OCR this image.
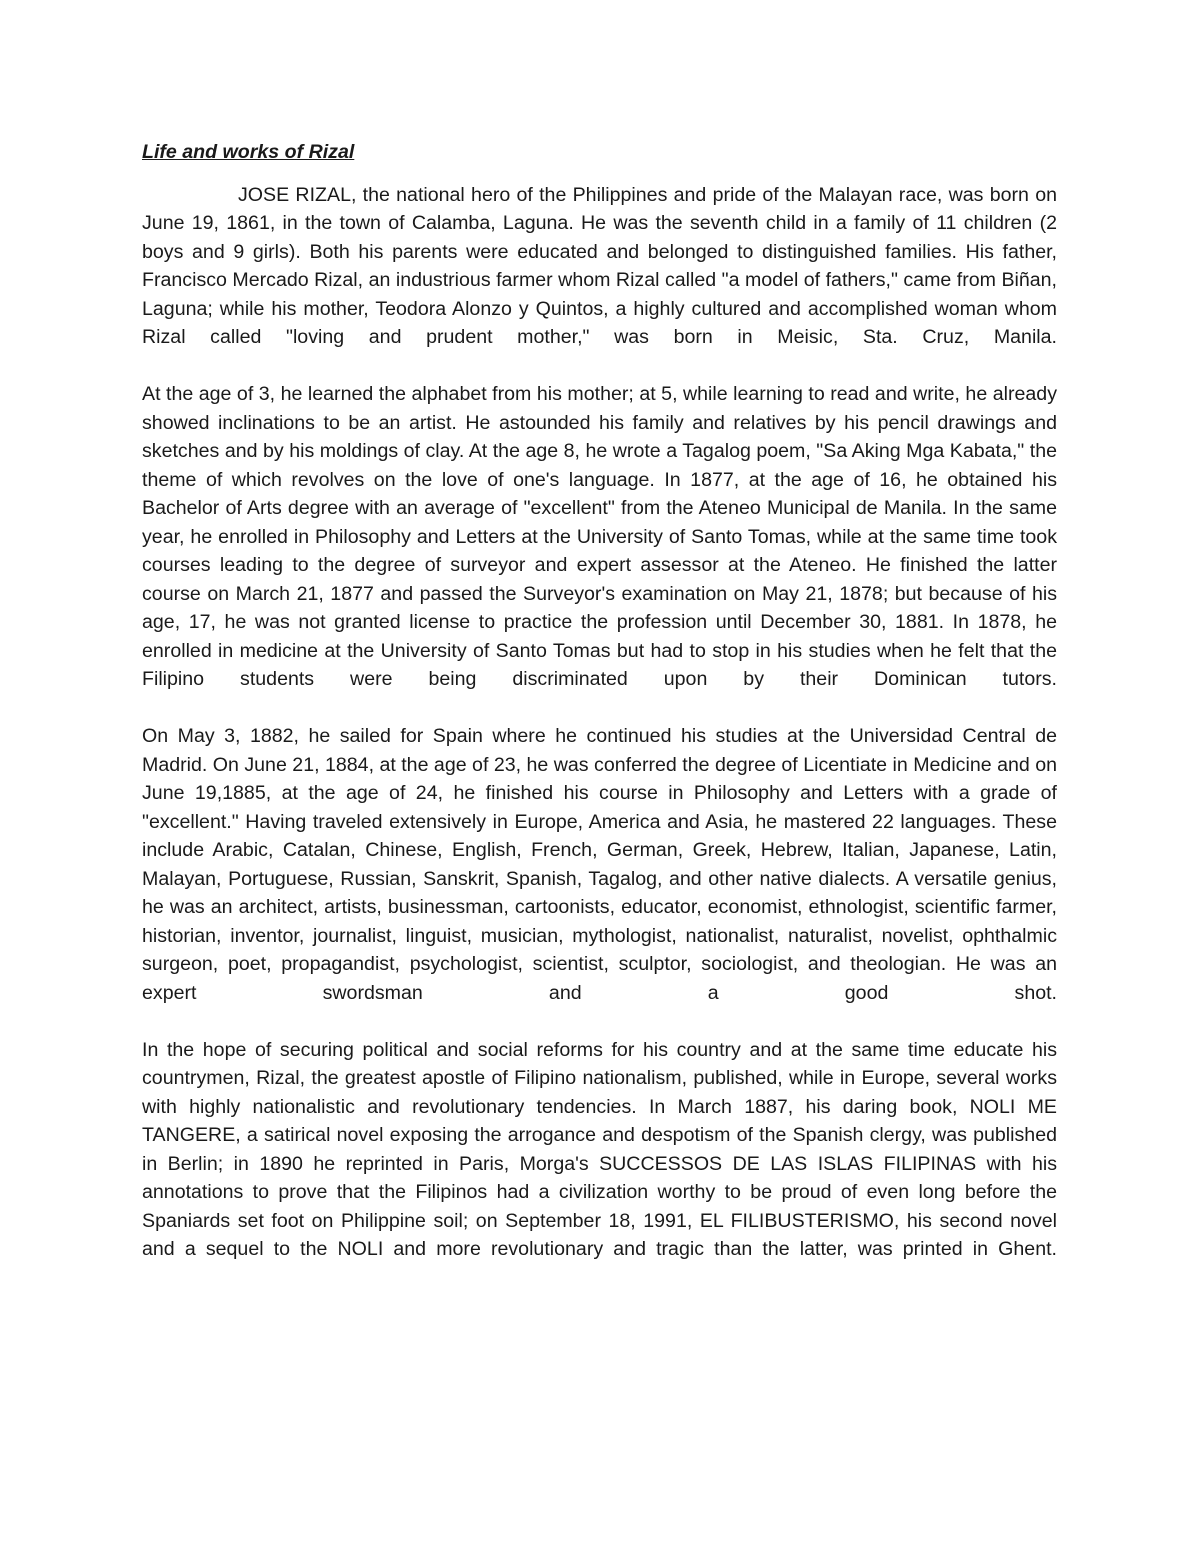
Life and works of Rizal

JOSE RIZAL, the national hero of the Philippines and pride of the Malayan race, was born on June 19, 1861, in the town of Calamba, Laguna. He was the seventh child in a family of 11 children (2 boys and 9 girls). Both his parents were educated and belonged to distinguished families. His father, Francisco Mercado Rizal, an industrious farmer whom Rizal called "a model of fathers," came from Biñan, Laguna; while his mother, Teodora Alonzo y Quintos, a highly cultured and accomplished woman whom Rizal called "loving and prudent mother," was born in Meisic, Sta. Cruz, Manila.

At the age of 3, he learned the alphabet from his mother; at 5, while learning to read and write, he already showed inclinations to be an artist. He astounded his family and relatives by his pencil drawings and sketches and by his moldings of clay. At the age 8, he wrote a Tagalog poem, "Sa Aking Mga Kabata," the theme of which revolves on the love of one's language. In 1877, at the age of 16, he obtained his Bachelor of Arts degree with an average of "excellent" from the Ateneo Municipal de Manila. In the same year, he enrolled in Philosophy and Letters at the University of Santo Tomas, while at the same time took courses leading to the degree of surveyor and expert assessor at the Ateneo. He finished the latter course on March 21, 1877 and passed the Surveyor's examination on May 21, 1878; but because of his age, 17, he was not granted license to practice the profession until December 30, 1881. In 1878, he enrolled in medicine at the University of Santo Tomas but had to stop in his studies when he felt that the Filipino students were being discriminated upon by their Dominican tutors.

On May 3, 1882, he sailed for Spain where he continued his studies at the Universidad Central de Madrid. On June 21, 1884, at the age of 23, he was conferred the degree of Licentiate in Medicine and on June 19,1885, at the age of 24, he finished his course in Philosophy and Letters with a grade of "excellent." Having traveled extensively in Europe, America and Asia, he mastered 22 languages. These include Arabic, Catalan, Chinese, English, French, German, Greek, Hebrew, Italian, Japanese, Latin, Malayan, Portuguese, Russian, Sanskrit, Spanish, Tagalog, and other native dialects. A versatile genius, he was an architect, artists, businessman, cartoonists, educator, economist, ethnologist, scientific farmer, historian, inventor, journalist, linguist, musician, mythologist, nationalist, naturalist, novelist, ophthalmic surgeon, poet, propagandist, psychologist, scientist, sculptor, sociologist, and theologian. He was an expert swordsman and a good shot.

In the hope of securing political and social reforms for his country and at the same time educate his countrymen, Rizal, the greatest apostle of Filipino nationalism, published, while in Europe, several works with highly nationalistic and revolutionary tendencies. In March 1887, his daring book, NOLI ME TANGERE, a satirical novel exposing the arrogance and despotism of the Spanish clergy, was published in Berlin; in 1890 he reprinted in Paris, Morga's SUCCESSOS DE LAS ISLAS FILIPINAS with his annotations to prove that the Filipinos had a civilization worthy to be proud of even long before the Spaniards set foot on Philippine soil; on September 18, 1991, EL FILIBUSTERISMO, his second novel and a sequel to the NOLI and more revolutionary and tragic than the latter, was printed in Ghent.
